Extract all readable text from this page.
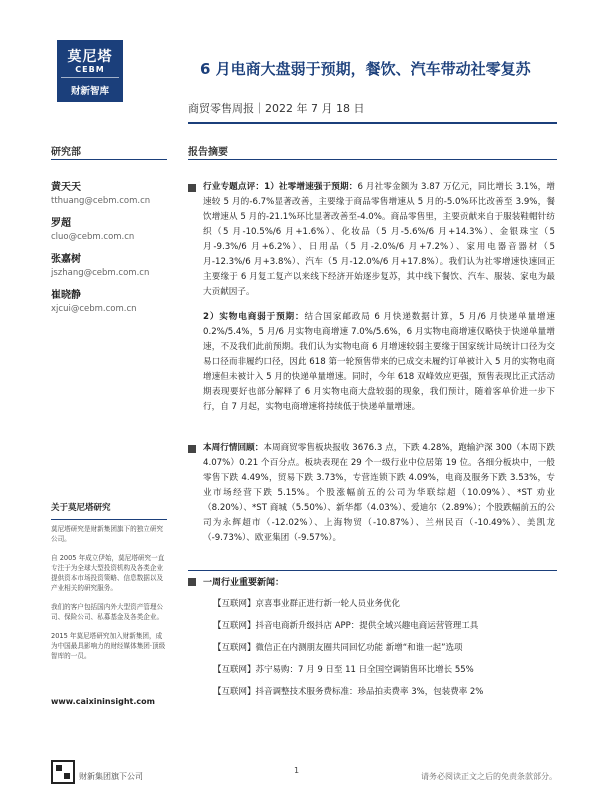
莫尼塔
CEBM
财新智库
6 月电商大盘弱于预期，餐饮、汽车带动社零复苏
商贸零售周报｜2022 年 7 月 18 日
研究部	报告摘要
黄天天
tthuang@cebm.com.cn
罗超
cluo@cebm.com.cn
张嘉树
jszhang@cebm.com.cn
崔晓静
xjcui@cebm.com.cn
关于莫尼塔研究

莫尼塔研究是财新集团旗下的独立研究公司。

自 2005 年成立伊始，莫尼塔研究一直专注于为全球大型投资机构及各类企业提供资本市场投资策略、信息数据以及产业相关的研究服务。

我们的客户包括国内外大型资产管理公司、保险公司、私募基金及各类企业。

2015 年莫尼塔研究加入财新集团，成为中国最具影响力的财经媒体集团·顶级智库的一员。

www.caixininsight.com
行业专题点评：1）社零增速强于预期：6 月社零金额为 3.87 万亿元，同比增长 3.1%，增速较 5 月的-6.7%显著改善，主要缘于商品零售增速从 5 月的-5.0%环比改善至 3.9%，餐饮增速从 5 月的-21.1%环比显著改善至-4.0%。商品零售里，主要贡献来自于服装鞋帽针纺织（5 月-10.5%/6 月+1.6%）、化妆品（5 月-5.6%/6 月+14.3%）、金银珠宝（5 月-9.3%/6 月+6.2%）、日用品（5 月-2.0%/6 月+7.2%）、家用电器音器材（5 月-12.3%/6 月+3.8%）、汽车（5 月-12.0%/6 月+17.8%）。我们认为社零增速快速回正主要缘于 6 月复工复产以来线下经济开始逐步复苏，其中线下餐饮、汽车、服装、家电为最大贡献因子。
2）实物电商弱于预期：结合国家邮政局 6 月快递数据计算，5 月/6 月快递单量增速 0.2%/5.4%，5 月/6 月实物电商增速 7.0%/5.6%，6 月实物电商增速仅略快于快递单量增速，不及我们此前预期。我们认为实物电商 6 月增速较弱主要缘于国家统计局统计口径为交易口径而非履约口径，因此 618 第一轮预售带来的已成交未履约订单被计入 5 月的实物电商增速但未被计入 5 月的快递单量增速。同时，今年 618 双峰效应更强，预售表现比正式活动期表现要好也部分解释了 6 月实物电商大盘较弱的现象，我们预计，随着客单价进一步下行，自 7 月起，实物电商增速将持续低于快递单量增速。
本周行情回顾：本周商贸零售板块报收 3676.3 点，下跌 4.28%，跑输沪深 300（本周下跌 4.07%）0.21 个百分点。板块表现在 29 个一级行业中位居第 19 位。各细分板块中，一般零售下跌 4.49%，贸易下跌 3.73%，专营连锁下跌 4.09%，电商及服务下跌 3.53%，专业市场经营下跌 5.15%。个股涨幅前五的公司为华联综超（10.09%）、*ST 劝业（8.20%）、*ST 商城（5.50%）、新华都（4.03%）、爱迪尔（2.89%）；个股跌幅前五的公司为永辉超市（-12.02%）、上海物贸（-10.87%）、兰州民百（-10.49%）、美凯龙（-9.73%）、欧亚集团（-9.57%）。
一周行业重要新闻：
【互联网】京喜事业群正进行新一轮人员业务优化
【互联网】抖音电商新升级抖店 APP：提供全域兴趣电商运营管理工具
【互联网】微信正在内测朋友圈共同回忆功能 新增“和谁一起”选项
【互联网】苏宁易购：7 月 9 日至 11 日全国空调销售环比增长 55%
【互联网】抖音调整技术服务费标准：珍品拍卖费率 3%，包装费率 2%
财新集团旗下公司
1
请务必阅读正文之后的免责条款部分。
